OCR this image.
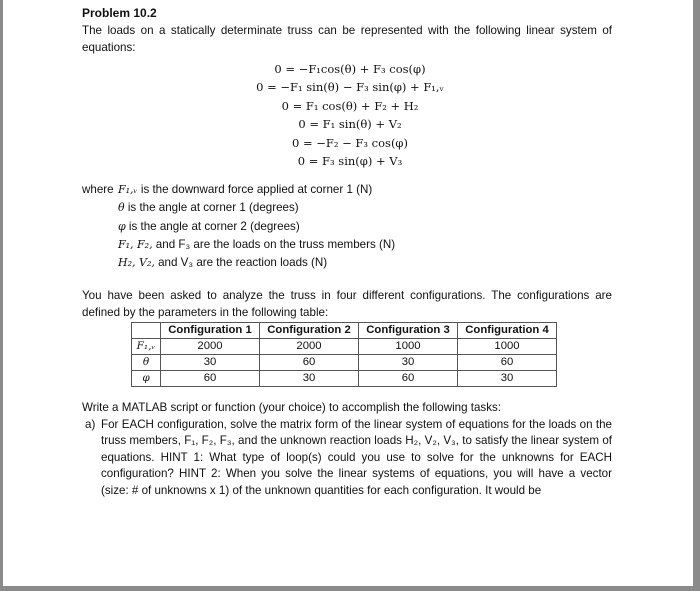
Problem 10.2
The loads on a statically determinate truss can be represented with the following linear system of equations:
0 = −F₁cos(θ) + F₃ cos(φ)
0 = −F₁ sin(θ) − F₃ sin(φ) + F₁,ᵥ
0 = F₁ cos(θ) + F₂ + H₂
0 = F₁ sin(θ) + V₂
0 = −F₂ − F₃ cos(φ)
0 = F₃ sin(φ) + V₃
where F₁,ᵥ is the downward force applied at corner 1 (N)
θ is the angle at corner 1 (degrees)
φ is the angle at corner 2 (degrees)
F₁, F₂, and F₃ are the loads on the truss members (N)
H₂, V₂, and V₃ are the reaction loads (N)
You have been asked to analyze the truss in four different configurations. The configurations are defined by the parameters in the following table:
	Configuration 1	Configuration 2	Configuration 3	Configuration 4
F₁,ᵥ	2000	2000	1000	1000
θ	30	60	30	60
φ	60	30	60	30
Write a MATLAB script or function (your choice) to accomplish the following tasks:
a) For EACH configuration, solve the matrix form of the linear system of equations for the loads on the truss members, F₁, F₂, F₃, and the unknown reaction loads H₂, V₂, V₃, to satisfy the linear system of equations. HINT 1: What type of loop(s) could you use to solve for the unknowns for EACH configuration? HINT 2: When you solve the linear systems of equations, you will have a vector (size: # of unknowns x 1) of the unknown quantities for each configuration. It would be
